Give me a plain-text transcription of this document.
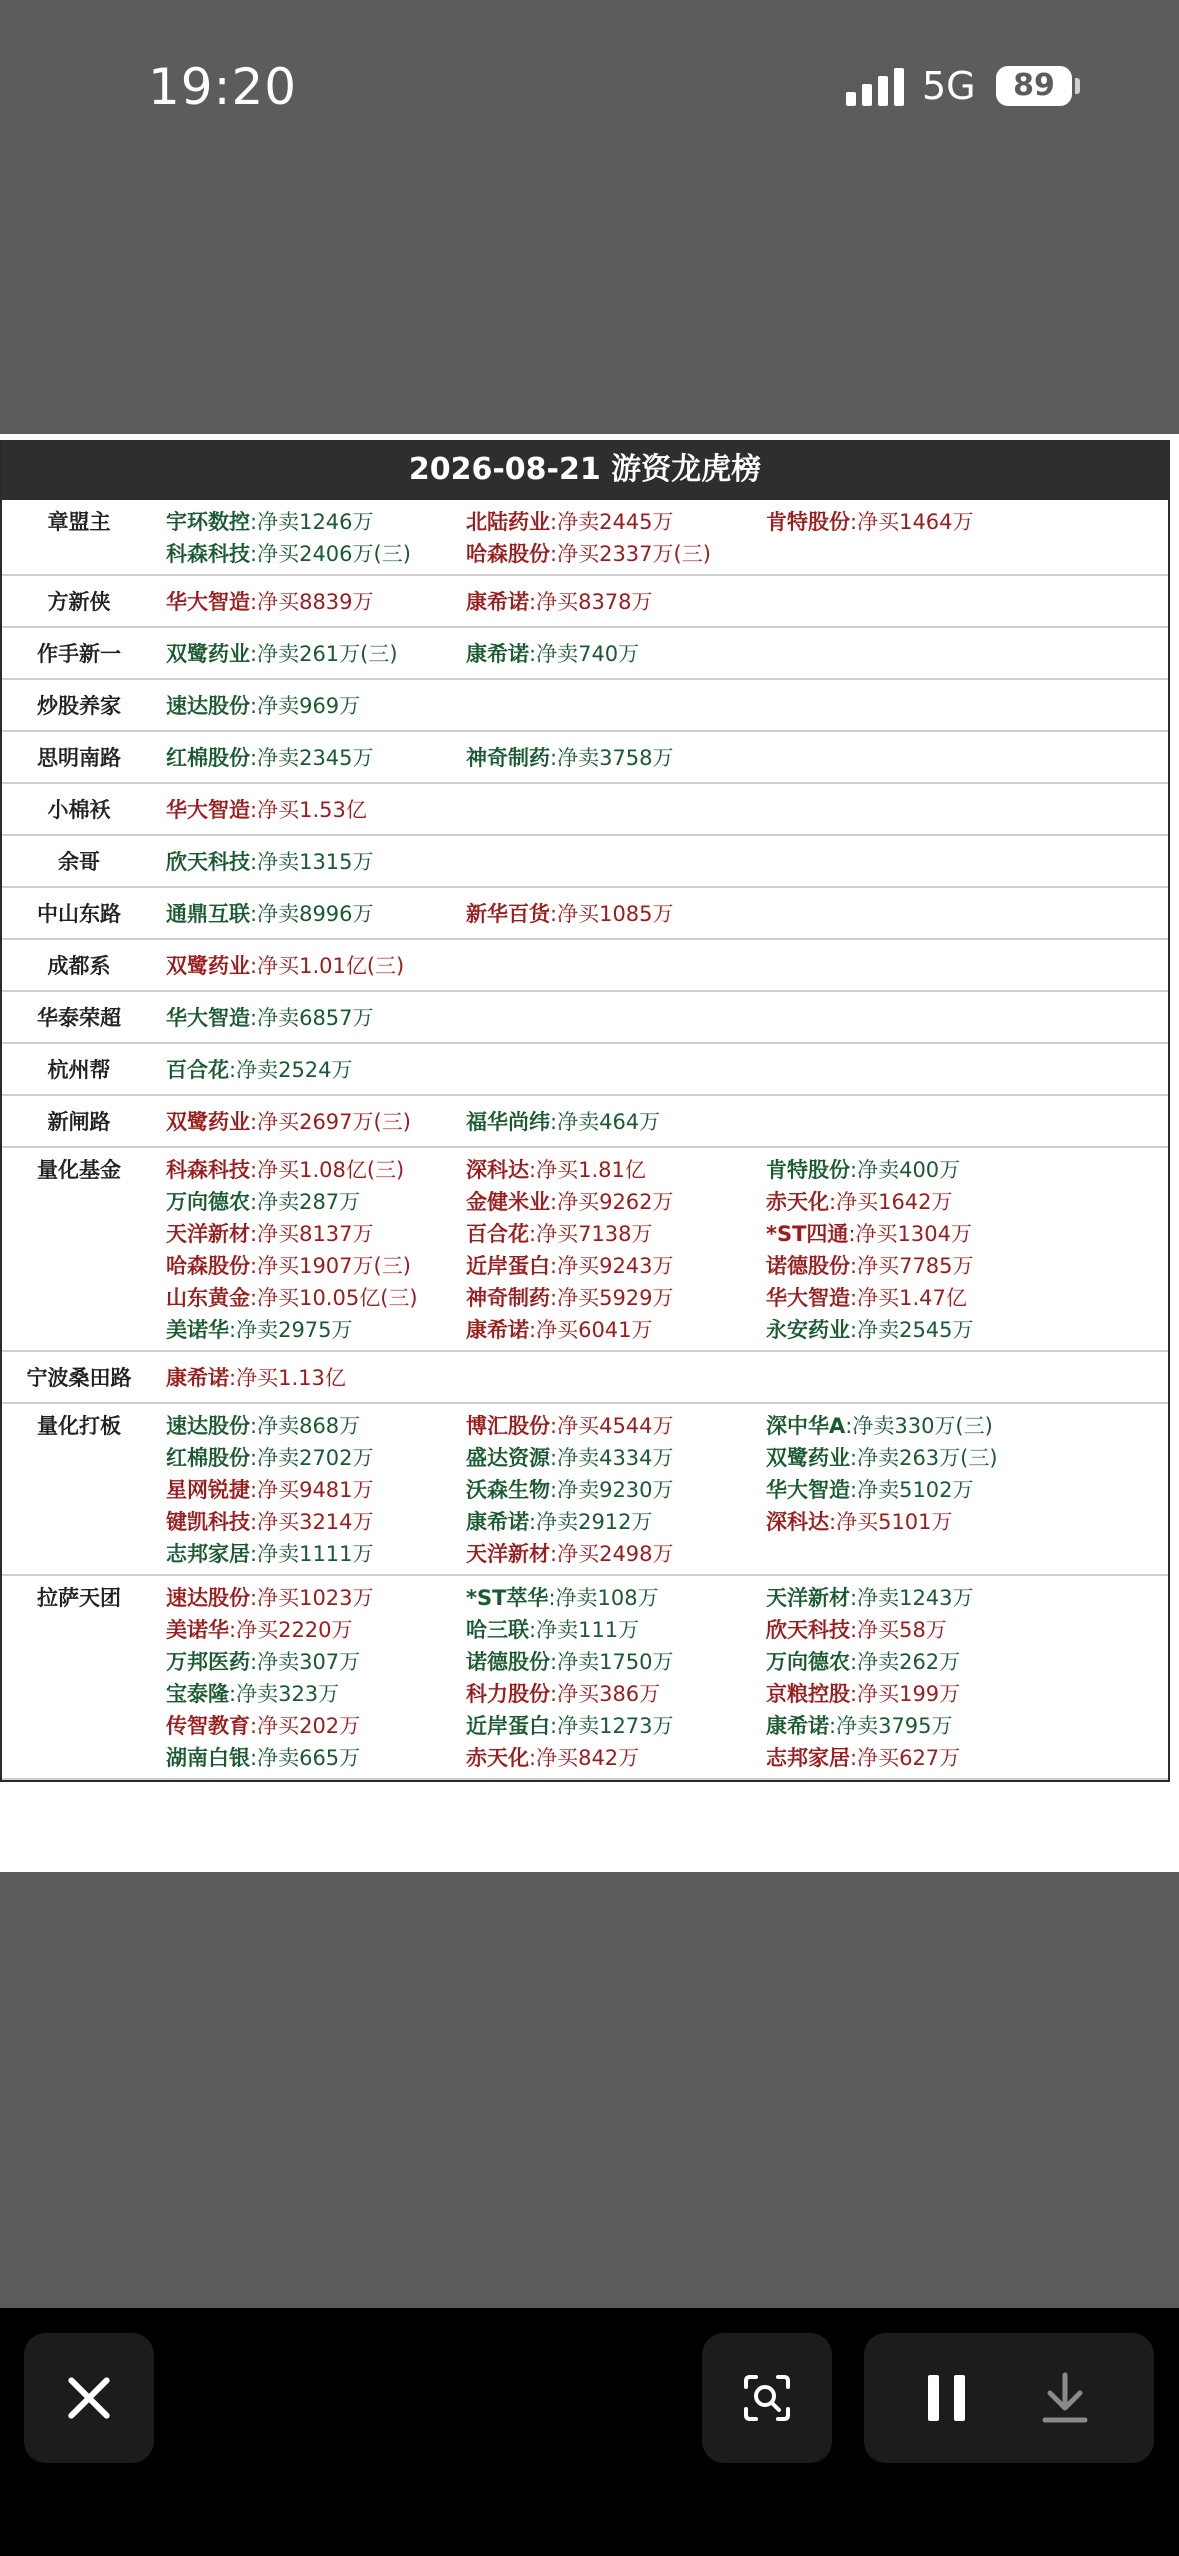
19:20	5G	89
2026-08-21 游资龙虎榜
章盟主	宇环数控:净卖1246万	北陆药业:净卖2445万	肯特股份:净买1464万
科森科技:净买2406万(三)	哈森股份:净买2337万(三)
方新侠	华大智造:净买8839万	康希诺:净买8378万
作手新一	双鹭药业:净卖261万(三)	康希诺:净卖740万
炒股养家	速达股份:净卖969万
思明南路	红棉股份:净卖2345万	神奇制药:净卖3758万
小棉袄	华大智造:净买1.53亿
余哥	欣天科技:净卖1315万
中山东路	通鼎互联:净卖8996万	新华百货:净买1085万
成都系	双鹭药业:净买1.01亿(三)
华泰荣超	华大智造:净卖6857万
杭州帮	百合花:净卖2524万
新闸路	双鹭药业:净买2697万(三)	福华尚纬:净卖464万
量化基金	科森科技:净买1.08亿(三)	深科达:净买1.81亿	肯特股份:净卖400万
万向德农:净卖287万	金健米业:净买9262万	赤天化:净买1642万
天洋新材:净买8137万	百合花:净买7138万	*ST四通:净买1304万
哈森股份:净买1907万(三)	近岸蛋白:净买9243万	诺德股份:净买7785万
山东黄金:净买10.05亿(三) 神奇制药:净买5929万	华大智造:净买1.47亿
美诺华:净卖2975万	康希诺:净买6041万	永安药业:净卖2545万
宁波桑田路	康希诺:净买1.13亿
量化打板	速达股份:净卖868万	博汇股份:净买4544万	深中华A:净卖330万(三)
红棉股份:净卖2702万	盛达资源:净卖4334万	双鹭药业:净卖263万(三)
星网锐捷:净买9481万	沃森生物:净卖9230万	华大智造:净卖5102万
键凯科技:净买3214万	康希诺:净卖2912万	深科达:净买5101万
志邦家居:净卖1111万	天洋新材:净买2498万
拉萨天团	速达股份:净买1023万	*ST萃华:净卖108万	天洋新材:净卖1243万
美诺华:净买2220万	哈三联:净卖111万	欣天科技:净买58万
万邦医药:净卖307万	诺德股份:净卖1750万	万向德农:净卖262万
宝泰隆:净卖323万	科力股份:净买386万	京粮控股:净买199万
传智教育:净买202万	近岸蛋白:净卖1273万	康希诺:净卖3795万
湖南白银:净卖665万	赤天化:净买842万	志邦家居:净买627万
